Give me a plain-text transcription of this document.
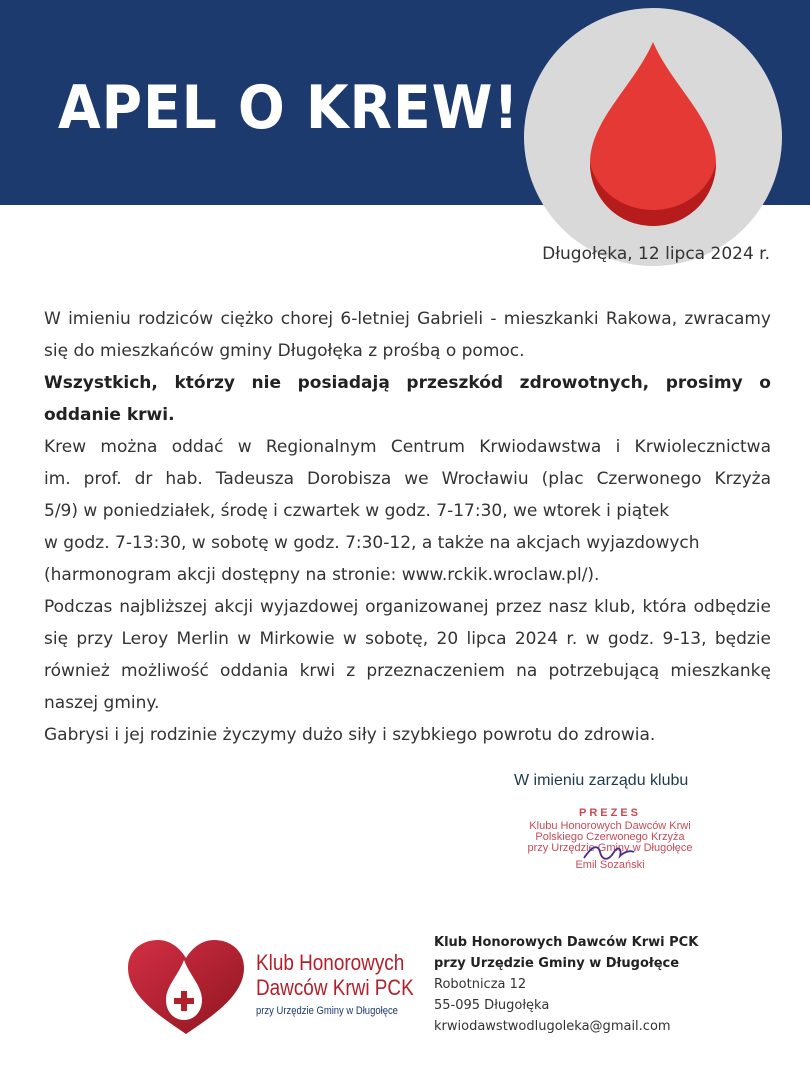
APEL O KREW!
Długołęka, 12 lipca 2024 r.

W imieniu rodziców ciężko chorej 6-letniej Gabrieli - mieszkanki Rakowa, zwracamy się do mieszkańców gminy Długołęka z prośbą o pomoc.

Wszystkich, którzy nie posiadają przeszkód zdrowotnych, prosimy o oddanie krwi.

Krew można oddać w Regionalnym Centrum Krwiodawstwa i Krwiolecznictwa

im. prof. dr hab. Tadeusza Dorobisza we Wrocławiu (plac Czerwonego Krzyża

5/9) w poniedziałek, środę i czwartek w godz. 7-17:30, we wtorek i piątek

w godz. 7-13:30, w sobotę w godz. 7:30-12, a także na akcjach wyjazdowych

(harmonogram akcji dostępny na stronie: www.rckik.wroclaw.pl/).

Podczas najbliższej akcji wyjazdowej organizowanej przez nasz klub, która odbędzie się przy Leroy Merlin w Mirkowie w sobotę, 20 lipca 2024 r. w godz. 9-13, będzie również możliwość oddania krwi z przeznaczeniem na potrzebującą mieszkankę naszej gminy.

Gabrysi i jej rodzinie życzymy dużo siły i szybkiego powrotu do zdrowia.

W imieniu zarządu klubu
PREZES
Klubu Honorowych Dawców Krwi
Polskiego Czerwonego Krzyża
przy Urzędzie Gminy w Długołęce
Emil Sozański
Klub Honorowych
Dawców Krwi PCK
przy Urzędzie Gminy w Długołęce
Klub Honorowych Dawców Krwi PCK
przy Urzędzie Gminy w Długołęce
Robotnicza 12
55-095 Długołęka
krwiodawstwodlugoleka@gmail.com
